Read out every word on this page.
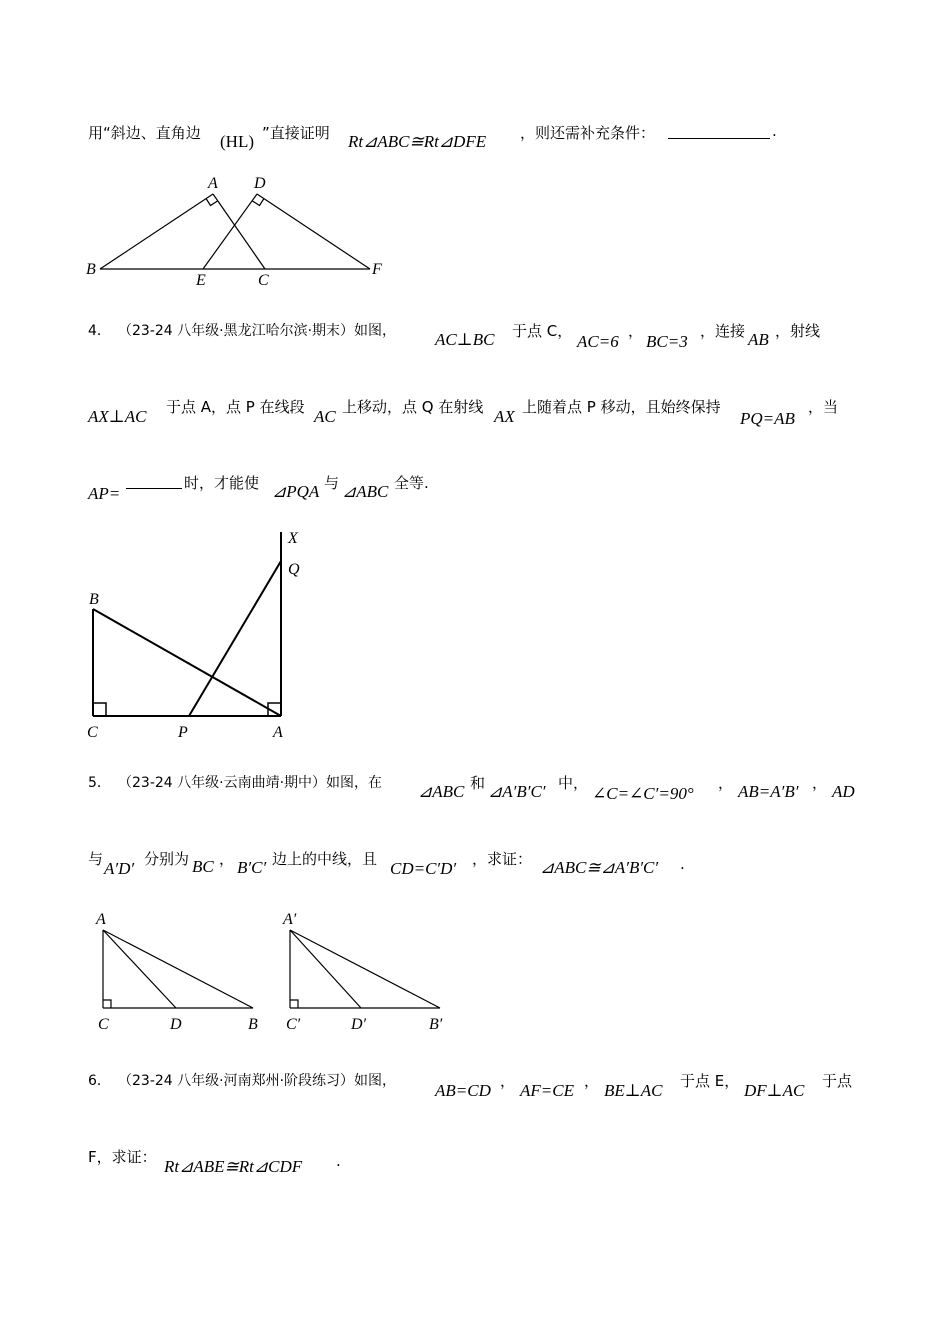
用“斜边、直角边 (HL) ”直接证明 Rt⊿ABC≅Rt⊿DFE ，则还需补充条件：	.
A D
B
E	C
F
4． （23-24 八年级·黑龙江哈尔滨·期末）如图， AC⊥BC 于点 C，
AC=6
，
BC=3
，连接 AB ，射线
AX⊥AC 于点 A，点 P 在线段 AC 上移动，点 Q 在射线 AX 上随着点 P 移动，且始终保持
PQ=AB
，当
AP=
时，才能使 ⊿PQA 与 ⊿ABC 全等.
X
Q
B
C	P	A
5． （23-24 八年级·云南曲靖·期中）如图，在 ⊿ABC 和 ⊿A′B′C′ 中，
∠C=∠C′=90°
， AB=A′B′ ， AD
与 A′D′ 分别为 BC ， B′C′ 边上的中线，且 CD=C′D′ ，求证： ⊿ABC≅⊿A′B′C′ .
A
C	D	B
A′
C′	D′	B′
6． （23-24 八年级·河南郑州·阶段练习）如图， AB=CD ， AF=CE ， BE⊥AC 于点 E， DF⊥AC 于点
F，求证： Rt⊿ABE≅Rt⊿CDF .
